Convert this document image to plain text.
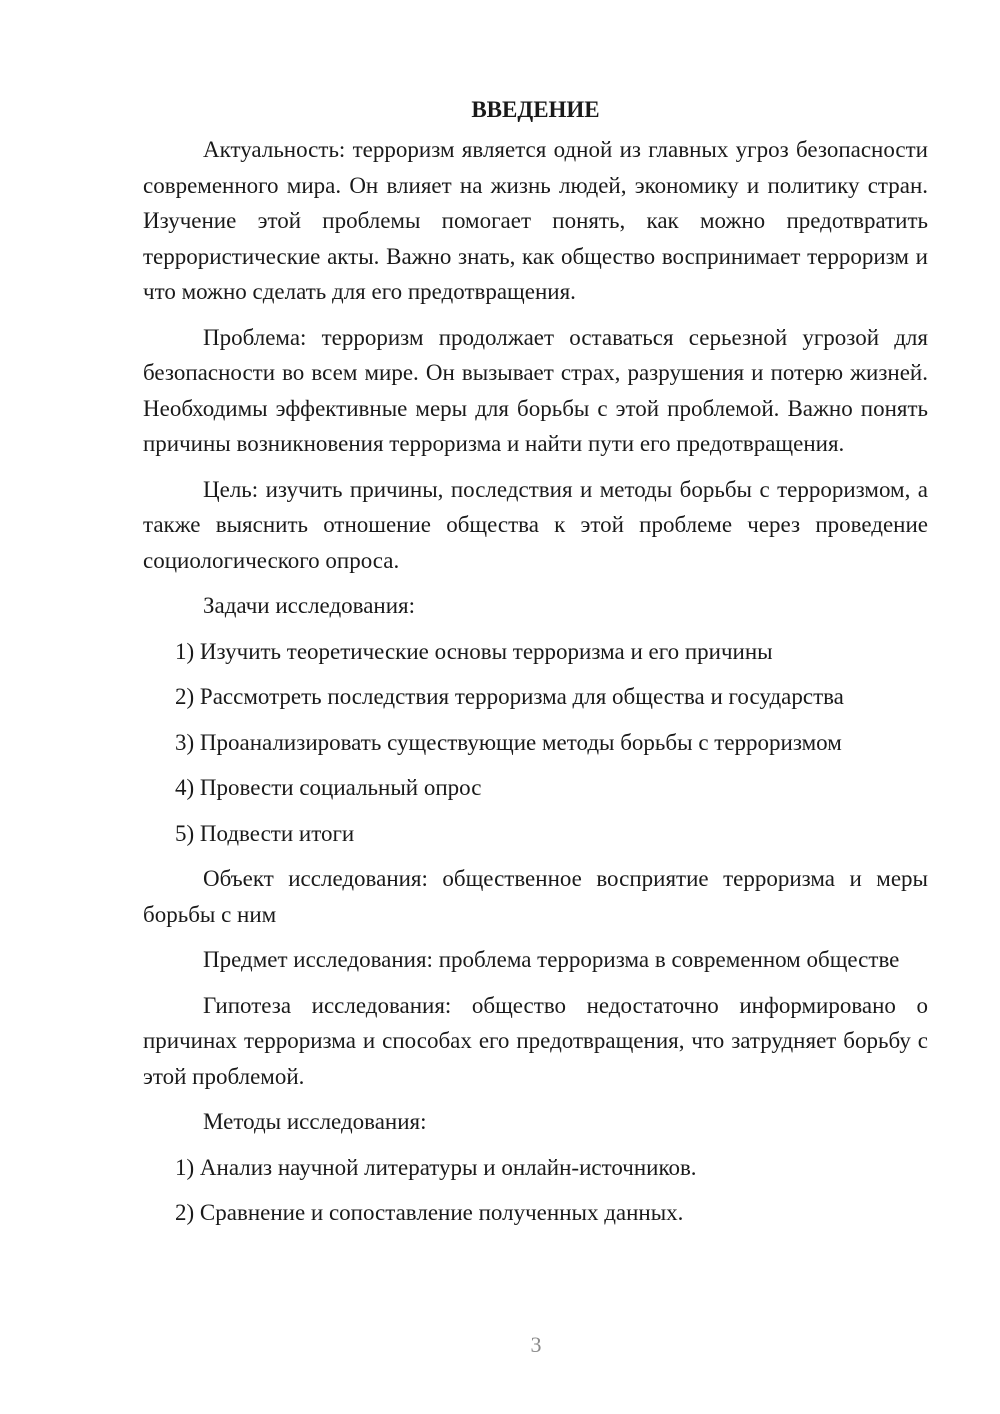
ВВЕДЕНИЕ

Актуальность: терроризм является одной из главных угроз безопасности современного мира. Он влияет на жизнь людей, экономику и политику стран. Изучение этой проблемы помогает понять, как можно предотвратить террористические акты. Важно знать, как общество воспринимает терроризм и что можно сделать для его предотвращения.

Проблема: терроризм продолжает оставаться серьезной угрозой для безопасности во всем мире. Он вызывает страх, разрушения и потерю жизней. Необходимы эффективные меры для борьбы с этой проблемой. Важно понять причины возникновения терроризма и найти пути его предотвращения.

Цель: изучить причины, последствия и методы борьбы с терроризмом, а также выяснить отношение общества к этой проблеме через проведение социологического опроса.

Задачи исследования:

1) Изучить теоретические основы терроризма и его причины
2) Рассмотреть последствия терроризма для общества и государства
3) Проанализировать существующие методы борьбы с терроризмом
4) Провести социальный опрос
5) Подвести итоги

Объект исследования: общественное восприятие терроризма и меры борьбы с ним

Предмет исследования: проблема терроризма в современном обществе

Гипотеза исследования: общество недостаточно информировано о причинах терроризма и способах его предотвращения, что затрудняет борьбу с этой проблемой.

Методы исследования:

1) Анализ научной литературы и онлайн-источников.
2) Сравнение и сопоставление полученных данных.
3
